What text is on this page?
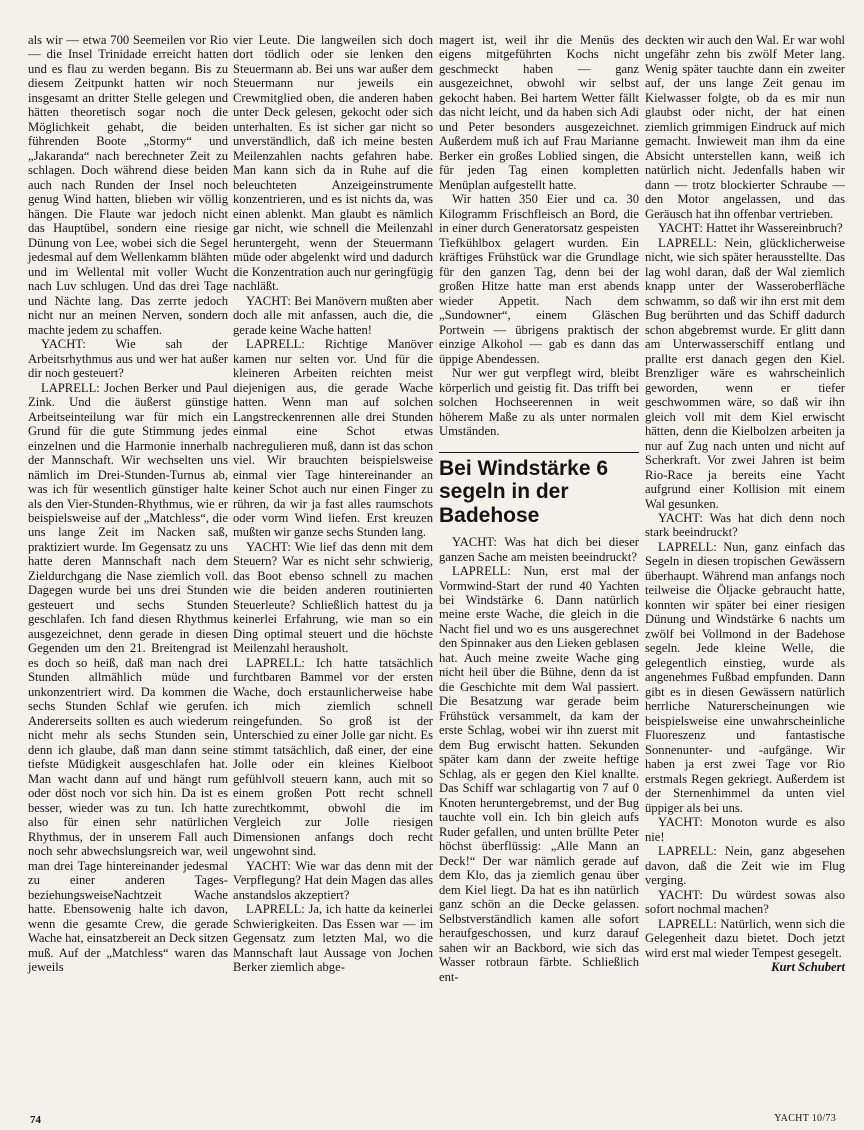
als wir — etwa 700 Seemeilen vor Rio — die Insel Trinidade erreicht hatten und es flau zu werden begann. Bis zu diesem Zeitpunkt hatten wir noch insgesamt an dritter Stelle gelegen und hätten theoretisch sogar noch die Möglichkeit gehabt, die beiden führenden Boote „Stormy“ und „Jakaranda“ nach berechneter Zeit zu schlagen. Doch während diese beiden auch nach Runden der Insel noch genug Wind hatten, blieben wir völlig hängen. Die Flaute war jedoch nicht das Hauptübel, sondern eine riesige Dünung von Lee, wobei sich die Segel jedesmal auf dem Wellenkamm blähten und im Wellental mit voller Wucht nach Luv schlugen. Und das drei Tage und Nächte lang. Das zerrte jedoch nicht nur an meinen Nerven, sondern machte jedem zu schaffen.

YACHT: Wie sah der Arbeitsrhythmus aus und wer hat außer dir noch gesteuert?

LAPRELL: Jochen Berker und Paul Zink. Und die äußerst günstige Arbeitseinteilung war für mich ein Grund für die gute Stimmung jedes einzelnen und die Harmonie innerhalb der Mannschaft. Wir wechselten uns nämlich im Drei-Stunden-Turnus ab, was ich für wesentlich günstiger halte als den Vier-Stunden-Rhythmus, wie er beispielsweise auf der „Matchless“, die uns lange Zeit im Nacken saß, praktiziert wurde. Im Gegensatz zu uns hatte deren Mannschaft nach dem Zieldurchgang die Nase ziemlich voll. Dagegen wurde bei uns drei Stunden gesteuert und sechs Stunden geschlafen. Ich fand diesen Rhythmus ausgezeichnet, denn gerade in diesen Gegenden um den 21. Breitengrad ist es doch so heiß, daß man nach drei Stunden allmählich müde und unkonzentriert wird. Da kommen die sechs Stunden Schlaf wie gerufen. Andererseits sollten es auch wiederum nicht mehr als sechs Stunden sein, denn ich glaube, daß man dann seine tiefste Müdigkeit ausgeschlafen hat. Man wacht dann auf und hängt rum oder döst noch vor sich hin. Da ist es besser, wieder was zu tun. Ich hatte also für einen sehr natürlichen Rhythmus, der in unserem Fall auch noch sehr abwechslungsreich war, weil man drei Tage hintereinander jedesmal zu einer anderen Tages-beziehungsweiseNachtzeit Wache hatte. Ebensowenig halte ich davon, wenn die gesamte Crew, die gerade Wache hat, einsatzbereit an Deck sitzen muß. Auf der „Matchless“ waren das jeweils

vier Leute. Die langweilen sich doch dort tödlich oder sie lenken den Steuermann ab. Bei uns war außer dem Steuermann nur jeweils ein Crewmitglied oben, die anderen haben unter Deck gelesen, gekocht oder sich unterhalten. Es ist sicher gar nicht so unverständlich, daß ich meine besten Meilenzahlen nachts gefahren habe. Man kann sich da in Ruhe auf die beleuchteten Anzeigeinstrumente konzentrieren, und es ist nichts da, was einen ablenkt. Man glaubt es nämlich gar nicht, wie schnell die Meilenzahl heruntergeht, wenn der Steuermann müde oder abgelenkt wird und dadurch die Konzentration auch nur geringfügig nachläßt.

YACHT: Bei Manövern mußten aber doch alle mit anfassen, auch die, die gerade keine Wache hatten!

LAPRELL: Richtige Manöver kamen nur selten vor. Und für die kleineren Arbeiten reichten meist diejenigen aus, die gerade Wache hatten. Wenn man auf solchen Langstreckenrennen alle drei Stunden einmal eine Schot etwas nachregulieren muß, dann ist das schon viel. Wir brauchten beispielsweise einmal vier Tage hintereinander an keiner Schot auch nur einen Finger zu rühren, da wir ja fast alles raumschots oder vorm Wind liefen. Erst kreuzen mußten wir ganze sechs Stunden lang.

YACHT: Wie lief das denn mit dem Steuern? War es nicht sehr schwierig, das Boot ebenso schnell zu machen wie die beiden anderen routinierten Steuerleute? Schließlich hattest du ja keinerlei Erfahrung, wie man so ein Ding optimal steuert und die höchste Meilenzahl herausholt.

LAPRELL: Ich hatte tatsächlich furchtbaren Bammel vor der ersten Wache, doch erstaunlicherweise habe ich mich ziemlich schnell reingefunden. So groß ist der Unterschied zu einer Jolle gar nicht. Es stimmt tatsächlich, daß einer, der eine Jolle oder ein kleines Kielboot gefühlvoll steuern kann, auch mit so einem großen Pott recht schnell zurechtkommt, obwohl die im Vergleich zur Jolle riesigen Dimensionen anfangs doch recht ungewohnt sind.

YACHT: Wie war das denn mit der Verpflegung? Hat dein Magen das alles anstandslos akzeptiert?

LAPRELL: Ja, ich hatte da keinerlei Schwierigkeiten. Das Essen war — im Gegensatz zum letzten Mal, wo die Mannschaft laut Aussage von Jochen Berker ziemlich abge-

magert ist, weil ihr die Menüs des eigens mitgeführten Kochs nicht geschmeckt haben — ganz ausgezeichnet, obwohl wir selbst gekocht haben. Bei hartem Wetter fällt das nicht leicht, und da haben sich Adi und Peter besonders ausgezeichnet. Außerdem muß ich auf Frau Marianne Berker ein großes Loblied singen, die für jeden Tag einen kompletten Menüplan aufgestellt hatte.

Wir hatten 350 Eier und ca. 30 Kilogramm Frischfleisch an Bord, die in einer durch Generatorsatz gespeisten Tiefkühlbox gelagert wurden. Ein kräftiges Frühstück war die Grundlage für den ganzen Tag, denn bei der großen Hitze hatte man erst abends wieder Appetit. Nach dem „Sundowner“, einem Gläschen Portwein — übrigens praktisch der einzige Alkohol — gab es dann das üppige Abendessen.

Nur wer gut verpflegt wird, bleibt körperlich und geistig fit. Das trifft bei solchen Hochseerennen in weit höherem Maße zu als unter normalen Umständen.

Bei Windstärke 6 segeln in der Badehose

YACHT: Was hat dich bei dieser ganzen Sache am meisten beeindruckt?

LAPRELL: Nun, erst mal der Vormwind-Start der rund 40 Yachten bei Windstärke 6. Dann natürlich meine erste Wache, die gleich in die Nacht fiel und wo es uns ausgerechnet den Spinnaker aus den Lieken geblasen hat. Auch meine zweite Wache ging nicht heil über die Bühne, denn da ist die Geschichte mit dem Wal passiert. Die Besatzung war gerade beim Frühstück versammelt, da kam der erste Schlag, wobei wir ihn zuerst mit dem Bug erwischt hatten. Sekunden später kam dann der zweite heftige Schlag, als er gegen den Kiel knallte. Das Schiff war schlagartig von 7 auf 0 Knoten heruntergebremst, und der Bug tauchte voll ein. Ich bin gleich aufs Ruder gefallen, und unten brüllte Peter höchst überflüssig: „Alle Mann an Deck!“ Der war nämlich gerade auf dem Klo, das ja ziemlich genau über dem Kiel liegt. Da hat es ihn natürlich ganz schön an die Decke gelassen. Selbstverständlich kamen alle sofort heraufgeschossen, und kurz darauf sahen wir an Backbord, wie sich das Wasser rotbraun färbte. Schließlich ent-

deckten wir auch den Wal. Er war wohl ungefähr zehn bis zwölf Meter lang. Wenig später tauchte dann ein zweiter auf, der uns lange Zeit genau im Kielwasser folgte, ob da es mir nun glaubst oder nicht, der hat einen ziemlich grimmigen Eindruck auf mich gemacht. Inwieweit man ihm da eine Absicht unterstellen kann, weiß ich natürlich nicht. Jedenfalls haben wir dann — trotz blockierter Schraube — den Motor angelassen, und das Geräusch hat ihn offenbar vertrieben.

YACHT: Hattet ihr Wassereinbruch?

LAPRELL: Nein, glücklicherweise nicht, wie sich später herausstellte. Das lag wohl daran, daß der Wal ziemlich knapp unter der Wasseroberfläche schwamm, so daß wir ihn erst mit dem Bug berührten und das Schiff dadurch schon abgebremst wurde. Er glitt dann am Unterwasserschiff entlang und prallte erst danach gegen den Kiel. Brenzliger wäre es wahrscheinlich geworden, wenn er tiefer geschwommen wäre, so daß wir ihn gleich voll mit dem Kiel erwischt hätten, denn die Kielbolzen arbeiten ja nur auf Zug nach unten und nicht auf Scherkraft. Vor zwei Jahren ist beim Rio-Race ja bereits eine Yacht aufgrund einer Kollision mit einem Wal gesunken.

YACHT: Was hat dich denn noch stark beeindruckt?

LAPRELL: Nun, ganz einfach das Segeln in diesen tropischen Gewässern überhaupt. Während man anfangs noch teilweise die Öljacke gebraucht hatte, konnten wir später bei einer riesigen Dünung und Windstärke 6 nachts um zwölf bei Vollmond in der Badehose segeln. Jede kleine Welle, die gelegentlich einstieg, wurde als angenehmes Fußbad empfunden. Dann gibt es in diesen Gewässern natürlich herrliche Naturerscheinungen wie beispielsweise eine unwahrscheinliche Fluoreszenz und fantastische Sonnenunter- und -aufgänge. Wir haben ja erst zwei Tage vor Rio erstmals Regen gekriegt. Außerdem ist der Sternenhimmel da unten viel üppiger als bei uns.

YACHT: Monoton wurde es also nie!

LAPRELL: Nein, ganz abgesehen davon, daß die Zeit wie im Flug verging.

YACHT: Du würdest sowas also sofort nochmal machen?

LAPRELL: Natürlich, wenn sich die Gelegenheit dazu bietet. Doch jetzt wird erst mal wieder Tempest gesegelt.

Kurt Schubert

74	YACHT 10/73
